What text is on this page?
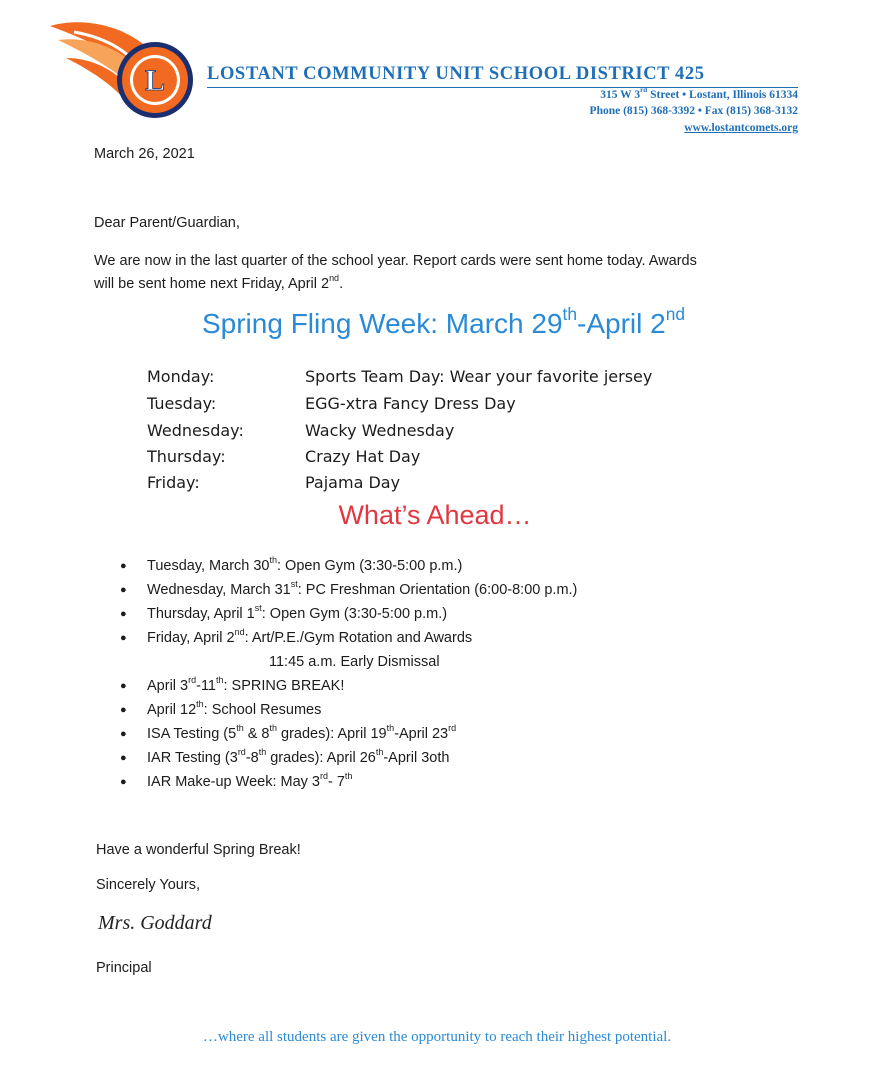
L LOSTANT COMMUNITY UNIT SCHOOL DISTRICT 425
315 W 3rd Street • Lostant, Illinois 61334
Phone (815) 368-3392 • Fax (815) 368-3132
www.lostantcomets.org
March 26, 2021
Dear Parent/Guardian,
We are now in the last quarter of the school year. Report cards were sent home today. Awards
will be sent home next Friday, April 2nd.
Spring Fling Week: March 29th-April 2nd
Monday:	Sports Team Day: Wear your favorite jersey
Tuesday:	EGG-xtra Fancy Dress Day
Wednesday:	Wacky Wednesday
Thursday:	Crazy Hat Day
Friday:	Pajama Day
What’s Ahead…
● Tuesday, March 30th: Open Gym (3:30-5:00 p.m.)
● Wednesday, March 31st: PC Freshman Orientation (6:00-8:00 p.m.)
● Thursday, April 1st: Open Gym (3:30-5:00 p.m.)
● Friday, April 2nd: Art/P.E./Gym Rotation and Awards
11:45 a.m. Early Dismissal
● April 3rd-11th: SPRING BREAK!
● April 12th: School Resumes
● ISA Testing (5th & 8th grades): April 19th-April 23rd
● IAR Testing (3rd-8th grades): April 26th-April 3oth
● IAR Make-up Week: May 3rd- 7th
Have a wonderful Spring Break!
Sincerely Yours,
Mrs. Goddard
Principal
…where all students are given the opportunity to reach their highest potential.
